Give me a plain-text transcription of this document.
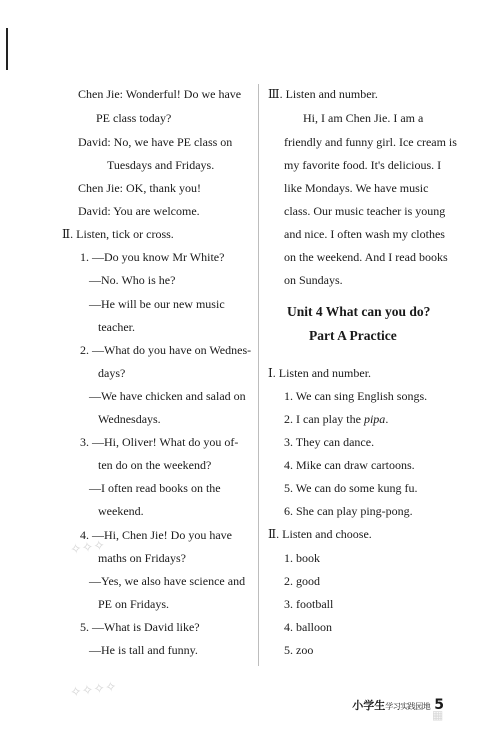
Chen Jie: Wonderful! Do we have
PE class today?
David: No, we have PE class on
Tuesdays and Fridays.
Chen Jie: OK, thank you!
David: You are welcome.
Ⅱ. Listen, tick or cross.
1. —Do you know Mr White?
—No. Who is he?
—He will be our new music
teacher.
2. —What do you have on Wednes-
days?
—We have chicken and salad on
Wednesdays.
3. —Hi, Oliver! What do you of-
ten do on the weekend?
—I often read books on the
weekend.
4. —Hi, Chen Jie! Do you have
maths on Fridays?
—Yes, we also have science and
PE on Fridays.
5. —What is David like?
—He is tall and funny.
Ⅲ. Listen and number.
Hi, I am Chen Jie. I am a
friendly and funny girl. Ice cream is
my favorite food. It's delicious. I
like Mondays. We have music
class. Our music teacher is young
and nice. I often wash my clothes
on the weekend. And I read books
on Sundays.
Ⅰ. Listen and number.
1. We can sing English songs.
2. I can play the pipa.
3. They can dance.
4. Mike can draw cartoons.
5. We can do some kung fu.
6. She can play ping-pong.
Ⅱ. Listen and choose.
1. book
2. good
3. football
4. balloon
5. zoo
Unit 4 What can you do?
Part A Practice
✧✧✧
✧✧✧✧
▦
小学生学习实践园地 5
